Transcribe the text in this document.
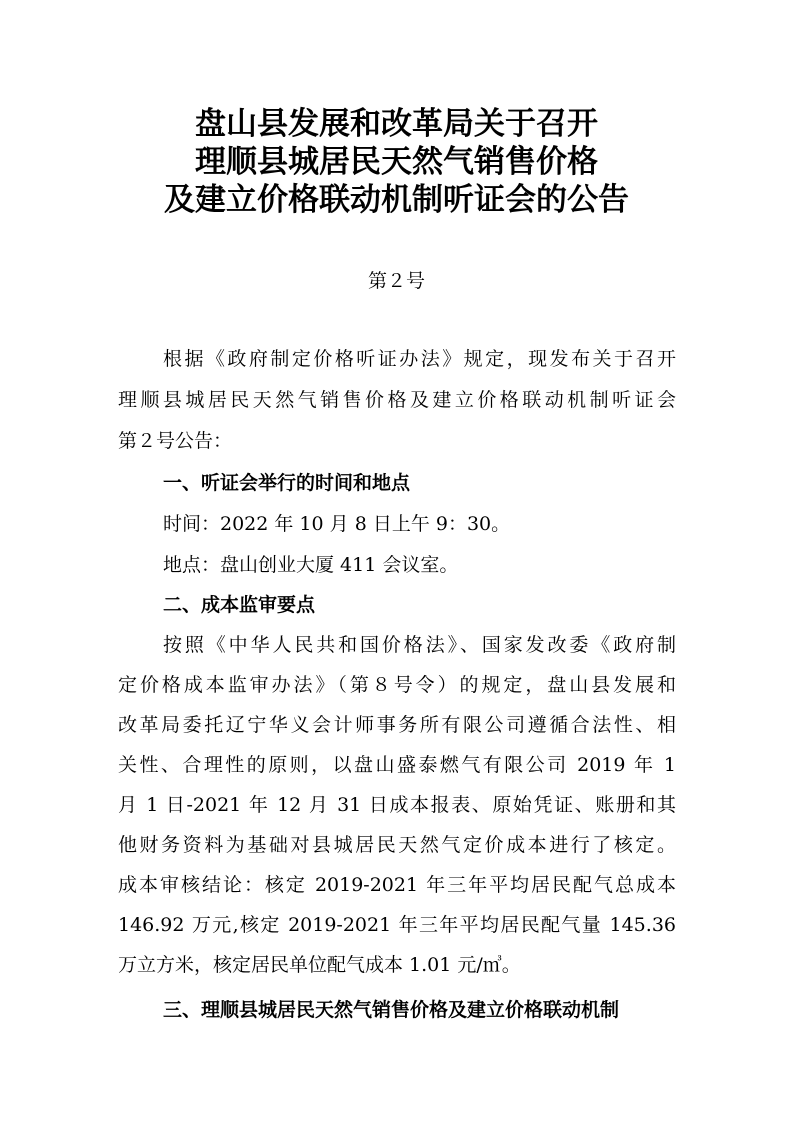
盘山县发展和改革局关于召开
理顺县城居民天然气销售价格
及建立价格联动机制听证会的公告
第２号
根据《政府制定价格听证办法》规定，现发布关于召开
理顺县城居民天然气销售价格及建立价格联动机制听证会
第２号公告：
一、听证会举行的时间和地点
时间：2022 年 10 月 8 日上午 9：30。
地点：盘山创业大厦 411 会议室。
二、成本监审要点
按照《中华人民共和国价格法》、国家发改委《政府制
定价格成本监审办法》（第８号令）的规定，盘山县发展和
改革局委托辽宁华义会计师事务所有限公司遵循合法性、相
关性、合理性的原则，以盘山盛泰燃气有限公司 2019 年 1
月 1 日-2021 年 12 月 31 日成本报表、原始凭证、账册和其
他财务资料为基础对县城居民天然气定价成本进行了核定。
成本审核结论：核定 2019-2021 年三年平均居民配气总成本
146.92 万元,核定 2019-2021 年三年平均居民配气量 145.36
万立方米，核定居民单位配气成本 1.01 元/㎥。
三、理顺县城居民天然气销售价格及建立价格联动机制
